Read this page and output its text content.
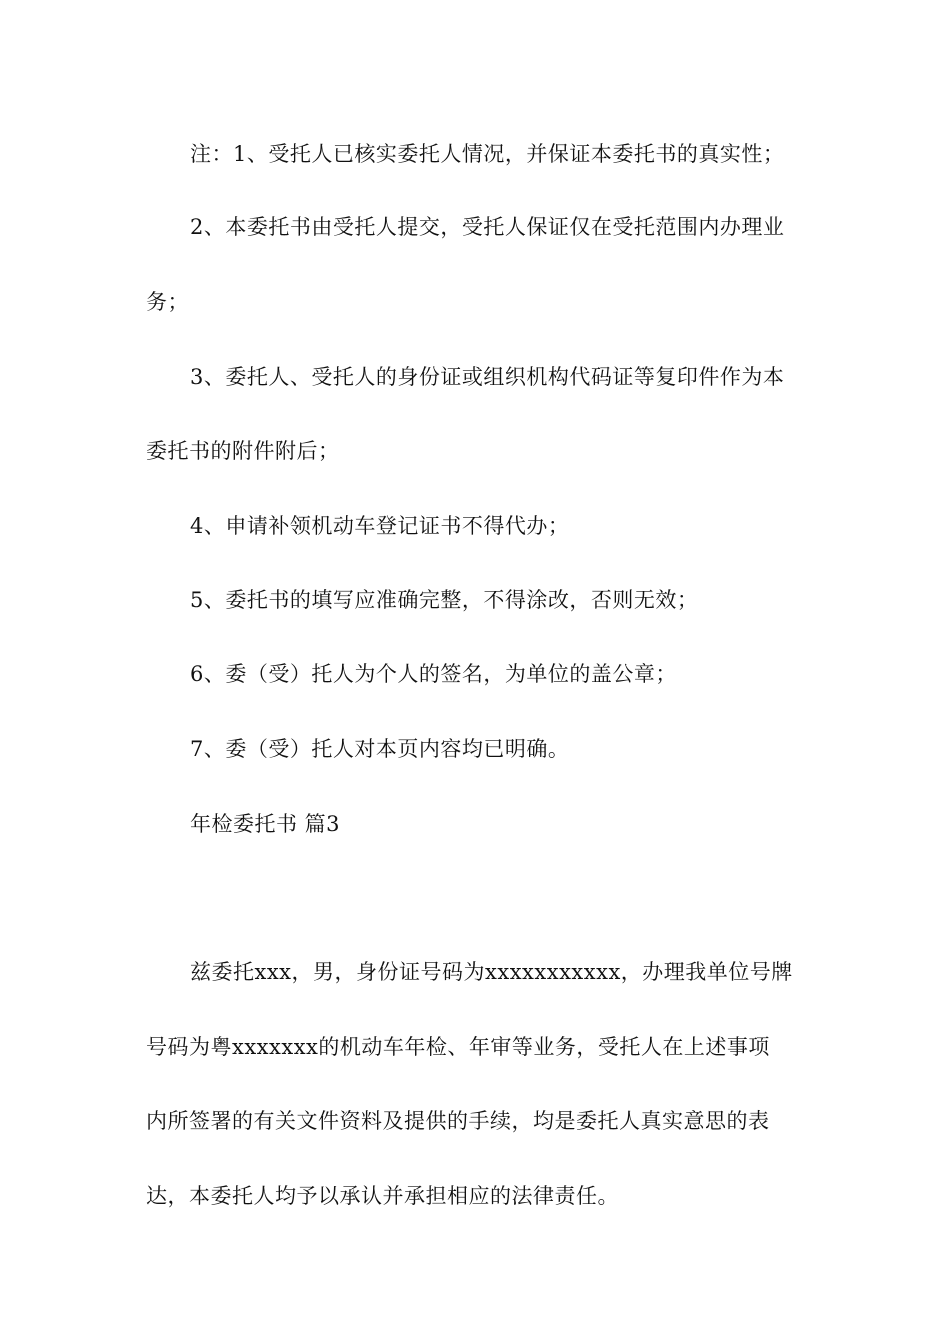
注：1、受托人已核实委托人情况，并保证本委托书的真实性；
2、本委托书由受托人提交，受托人保证仅在受托范围内办理业
务；
3、委托人、受托人的身份证或组织机构代码证等复印件作为本
委托书的附件附后；
4、申请补领机动车登记证书不得代办；
5、委托书的填写应准确完整，不得涂改，否则无效；
6、委（受）托人为个人的签名，为单位的盖公章；
7、委（受）托人对本页内容均已明确。
年检委托书 篇3
兹委托xxx，男，身份证号码为xxxxxxxxxxx，办理我单位号牌
号码为粤xxxxxxx的机动车年检、年审等业务，受托人在上述事项
内所签署的有关文件资料及提供的手续，均是委托人真实意思的表
达，本委托人均予以承认并承担相应的法律责任。
